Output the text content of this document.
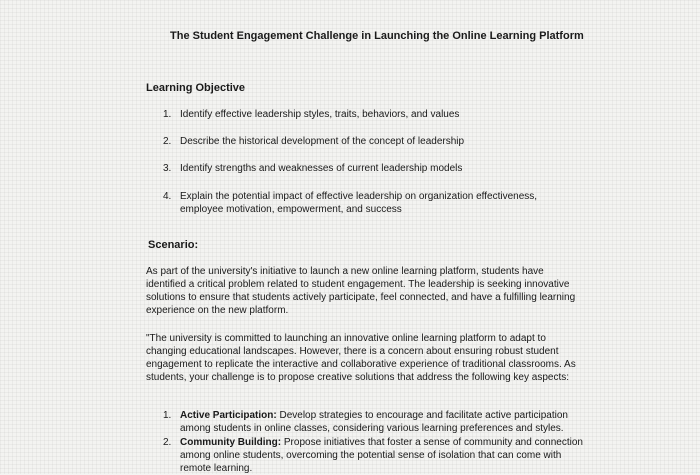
The Student Engagement Challenge in Launching the Online Learning Platform
Learning Objective
1. Identify effective leadership styles, traits, behaviors, and values
2. Describe the historical development of the concept of leadership
3. Identify strengths and weaknesses of current leadership models
4. Explain the potential impact of effective leadership on organization effectiveness,
employee motivation, empowerment, and success
Scenario:
As part of the university's initiative to launch a new online learning platform, students have identified a critical problem related to student engagement. The leadership is seeking innovative solutions to ensure that students actively participate, feel connected, and have a fulfilling learning experience on the new platform.
"The university is committed to launching an innovative online learning platform to adapt to changing educational landscapes. However, there is a concern about ensuring robust student engagement to replicate the interactive and collaborative experience of traditional classrooms. As students, your challenge is to propose creative solutions that address the following key aspects:
1. Active Participation: Develop strategies to encourage and facilitate active participation among students in online classes, considering various learning preferences and styles.
2. Community Building: Propose initiatives that foster a sense of community and connection among online students, overcoming the potential sense of isolation that can come with remote learning.
